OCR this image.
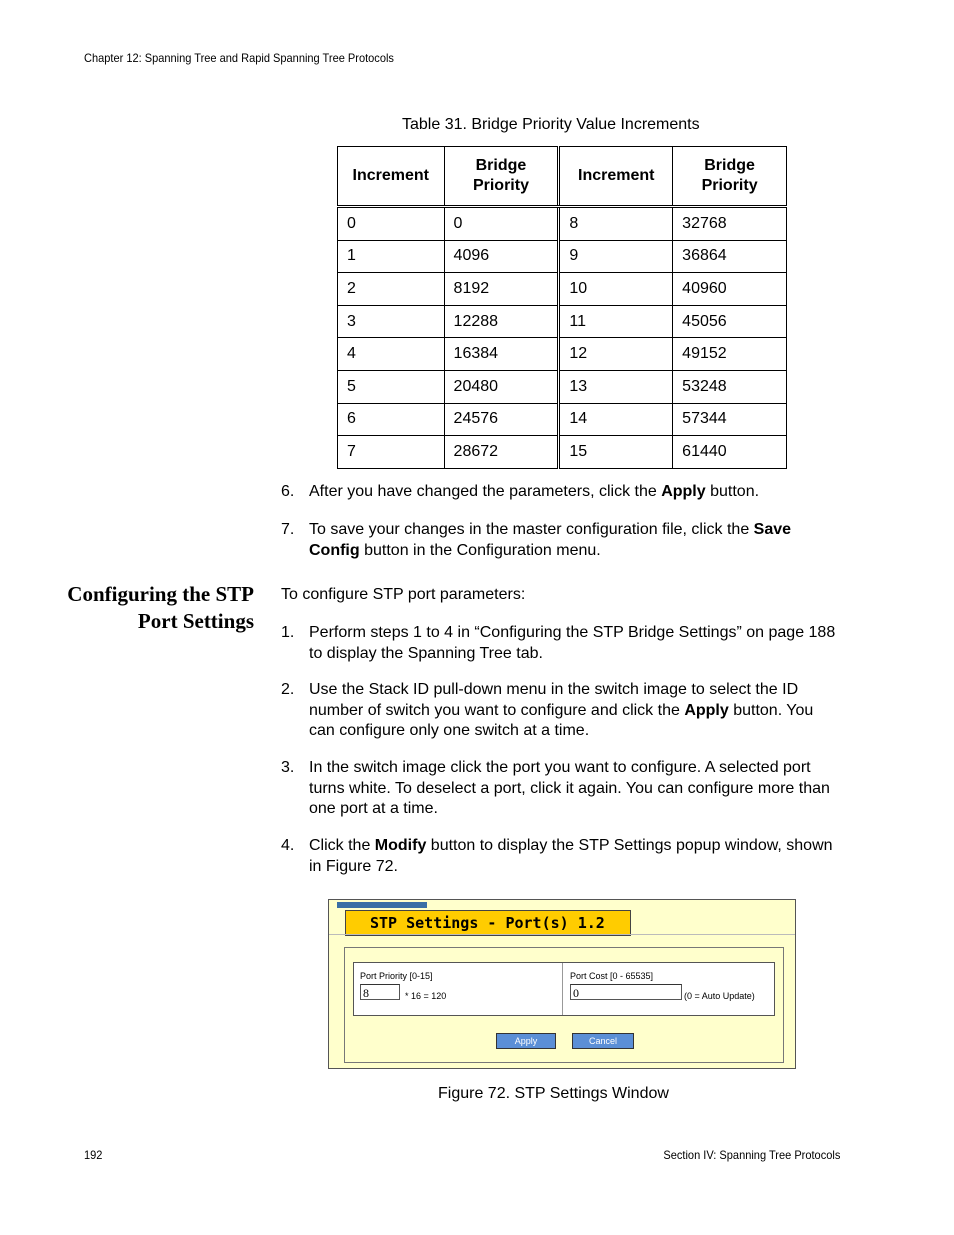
Chapter 12: Spanning Tree and Rapid Spanning Tree Protocols
Table 31. Bridge Priority Value Increments
Increment	Bridge Priority	Increment	Bridge Priority
0	0	8	32768
1	4096	9	36864
2	8192	10	40960
3	12288	11	45056
4	16384	12	49152
5	20480	13	53248
6	24576	14	57344
7	28672	15	61440
6. After you have changed the parameters, click the Apply button.
7. To save your changes in the master configuration file, click the Save Config button in the Configuration menu.
Configuring the STP Port Settings
To configure STP port parameters:
1. Perform steps 1 to 4 in “Configuring the STP Bridge Settings” on page 188 to display the Spanning Tree tab.
2. Use the Stack ID pull-down menu in the switch image to select the ID number of switch you want to configure and click the Apply button. You can configure only one switch at a time.
3. In the switch image click the port you want to configure. A selected port turns white. To deselect a port, click it again. You can configure more than one port at a time.
4. Click the Modify button to display the STP Settings popup window, shown in Figure 72.
STP Settings - Port(s) 1.2
Port Priority [0-15]
8	* 16 = 120
Port Cost [0 - 65535]
0	(0 = Auto Update)
Apply	Cancel
Figure 72. STP Settings Window
192	Section IV: Spanning Tree Protocols
